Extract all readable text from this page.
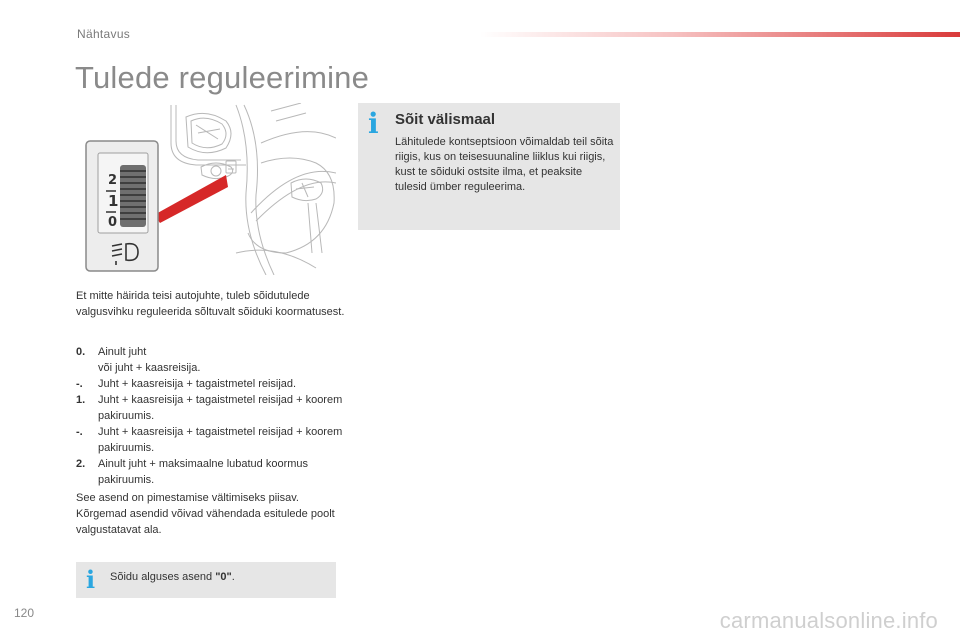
Nähtavus
Tulede reguleerimine
2
1
0
Et mitte häirida teisi autojuhte, tuleb sõidutulede valgusvihku reguleerida sõltuvalt sõiduki koormatusest.
0.	Ainult juht
või juht + kaasreisija.
-.	Juht + kaasreisija + tagaistmetel reisijad.
1.	Juht + kaasreisija + tagaistmetel reisijad + koorem pakiruumis.
-.	Juht + kaasreisija + tagaistmetel reisijad + koorem pakiruumis.
2.	Ainult juht + maksimaalne lubatud koormus pakiruumis.
See asend on pimestamise vältimiseks piisav. Kõrgemad asendid võivad vähendada esitulede poolt valgustatavat ala.
i Sõidu alguses asend "0".
i Sõit välismaal
Lähitulede kontseptsioon võimaldab teil sõita riigis, kus on teisesuunaline liiklus kui riigis, kust te sõiduki ostsite ilma, et peaksite tulesid ümber reguleerima.
120	carmanualsonline.info
